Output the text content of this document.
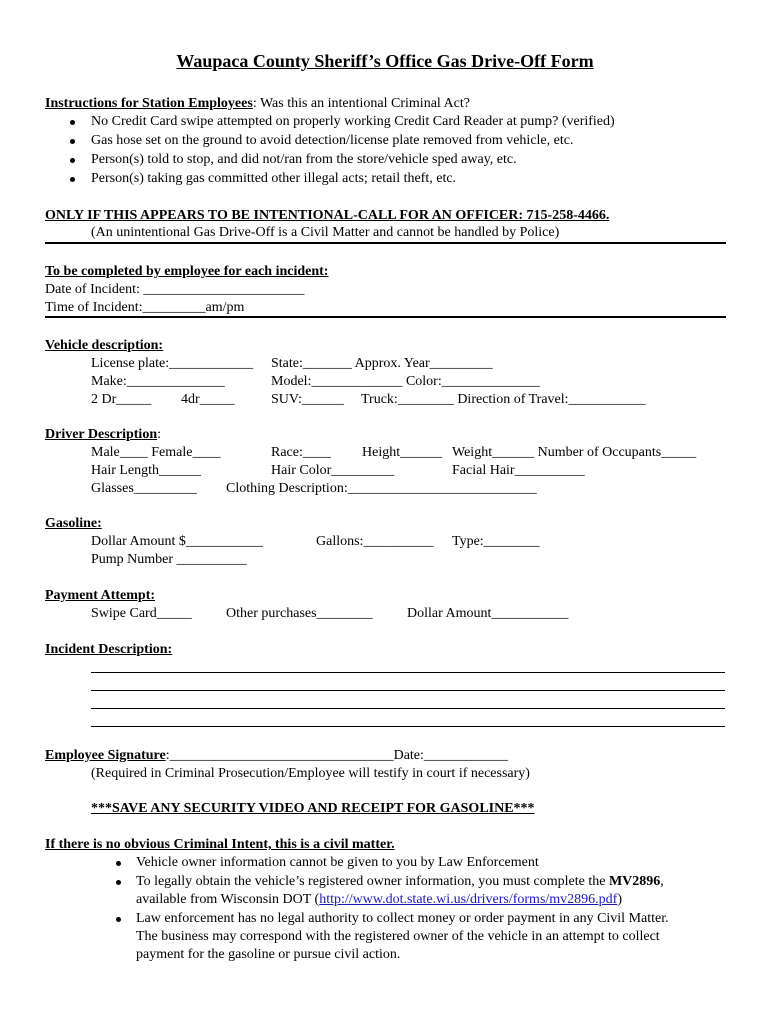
Waupaca County Sheriff’s Office Gas Drive-Off Form
Instructions for Station Employees: Was this an intentional Criminal Act?
No Credit Card swipe attempted on properly working Credit Card Reader at pump? (verified)
Gas hose set on the ground to avoid detection/license plate removed from vehicle, etc.
Person(s) told to stop, and did not/ran from the store/vehicle sped away, etc.
Person(s) taking gas committed other illegal acts; retail theft, etc.
ONLY IF THIS APPEARS TO BE INTENTIONAL-CALL FOR AN OFFICER: 715-258-4466.
(An unintentional Gas Drive-Off is a Civil Matter and cannot be handled by Police)
To be completed by employee for each incident:
Date of Incident: _______________________
Time of Incident:_________am/pm
Vehicle description:
License plate:____________ State:_______ Approx. Year_________
Make:______________	Model:_____________ Color:______________
2 Dr_____ 4dr_____	SUV:______ Truck:________ Direction of Travel:___________
Driver Description:
Male____ Female____	Race:____ Height______ Weight______ Number of Occupants_____
Hair Length______	Hair Color_________	Facial Hair__________
Glasses_________ Clothing Description:___________________________
Gasoline:
Dollar Amount $___________	Gallons:__________ Type:________
Pump Number __________
Payment Attempt:
Swipe Card_____ Other purchases________ Dollar Amount___________
Incident Description:
Employee Signature:________________________________Date:____________
(Required in Criminal Prosecution/Employee will testify in court if necessary)
***SAVE ANY SECURITY VIDEO AND RECEIPT FOR GASOLINE***
If there is no obvious Criminal Intent, this is a civil matter.
Vehicle owner information cannot be given to you by Law Enforcement
To legally obtain the vehicle’s registered owner information, you must complete the MV2896,
available from Wisconsin DOT (http://www.dot.state.wi.us/drivers/forms/mv2896.pdf)
Law enforcement has no legal authority to collect money or order payment in any Civil Matter.
The business may correspond with the registered owner of the vehicle in an attempt to collect
payment for the gasoline or pursue civil action.
